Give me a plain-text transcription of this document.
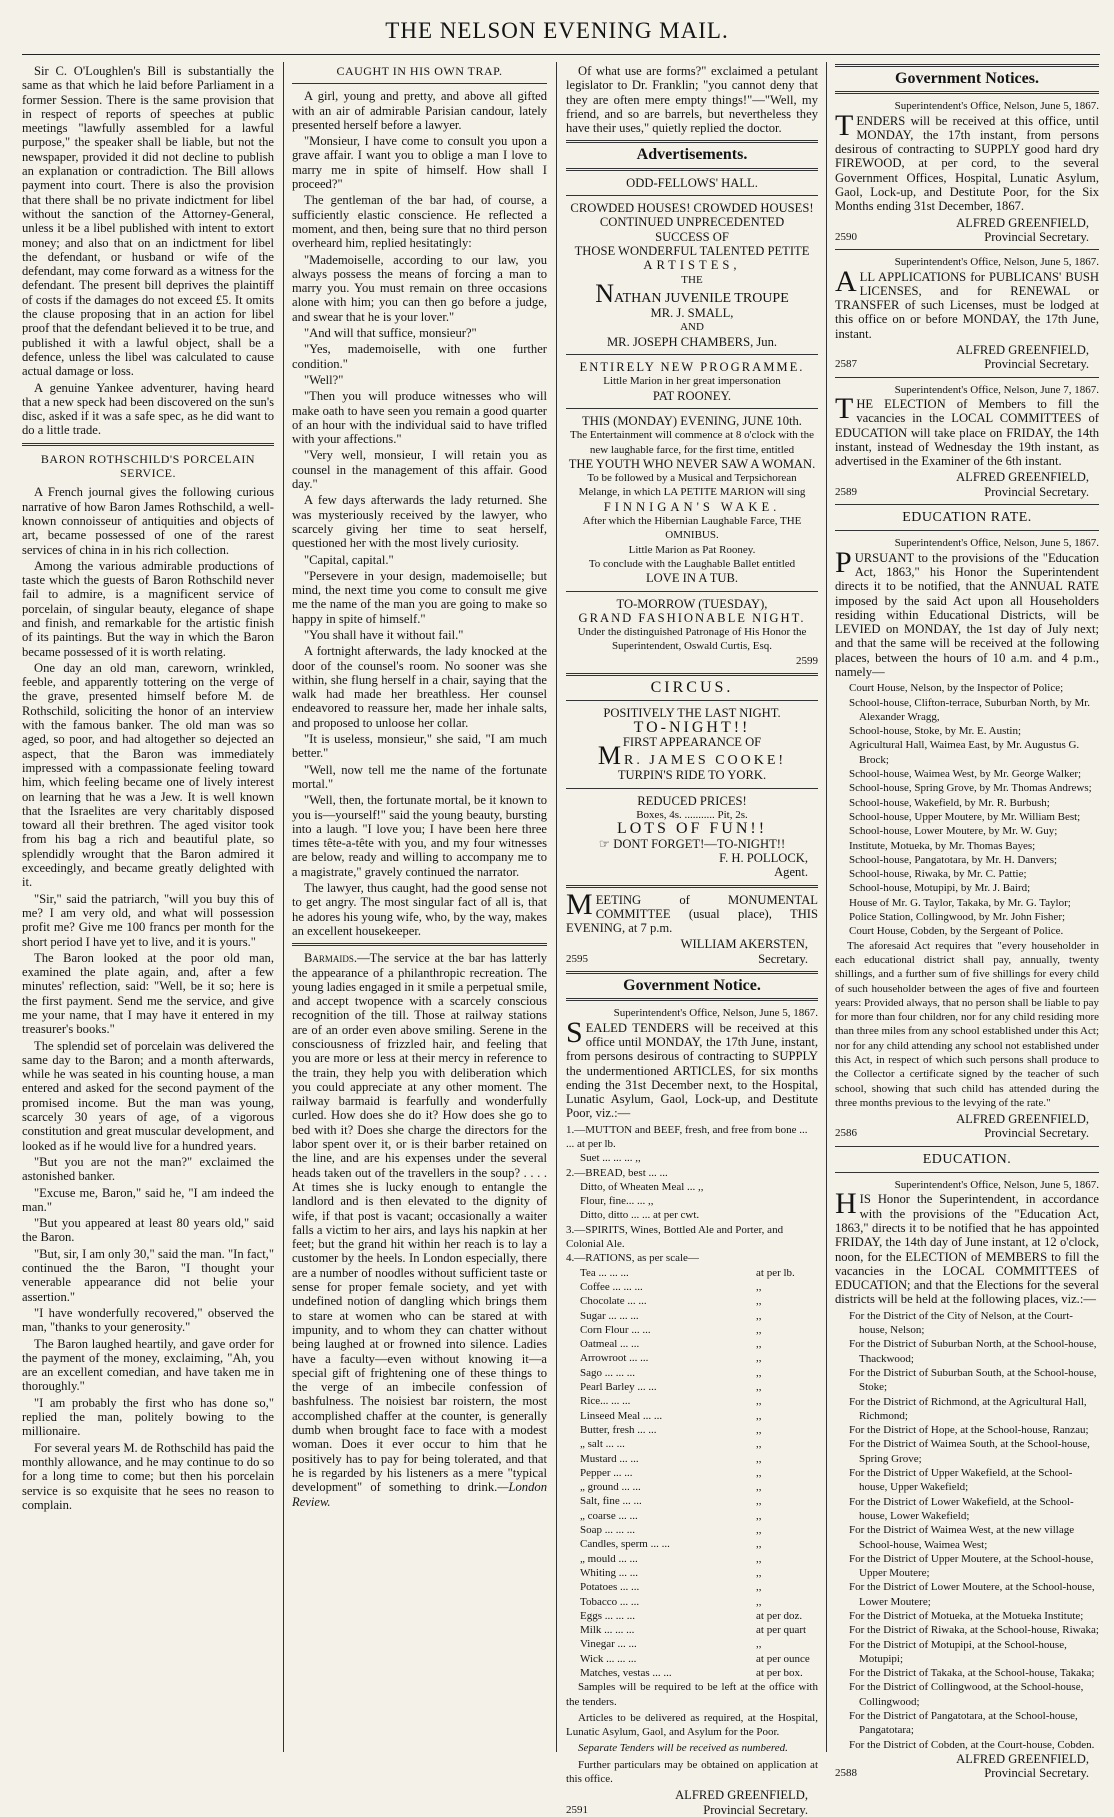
THE NELSON EVENING MAIL.

Sir C. O'Loughlen's Bill is substantially the same as that which he laid before Parliament in a former Session. There is the same provision that in respect of reports of speeches at public meetings "lawfully assembled for a lawful purpose," the speaker shall be liable, but not the newspaper, provided it did not decline to publish an explanation or contradiction. The Bill allows payment into court. There is also the provision that there shall be no private indictment for libel without the sanction of the Attorney-General, unless it be a libel published with intent to extort money; and also that on an indictment for libel the defendant, or husband or wife of the defendant, may come forward as a witness for the defendant. The present bill deprives the plaintiff of costs if the damages do not exceed £5. It omits the clause proposing that in an action for libel proof that the defendant believed it to be true, and published it with a lawful object, shall be a defence, unless the libel was calculated to cause actual damage or loss.

A genuine Yankee adventurer, having heard that a new speck had been discovered on the sun's disc, asked if it was a safe spec, as he did want to do a little trade.

BARON ROTHSCHILD'S PORCELAIN SERVICE.

A French journal gives the following curious narrative of how Baron James Rothschild, a well-known connoisseur of antiquities and objects of art, became possessed of one of the rarest services of china in in his rich collection.

Among the various admirable productions of taste which the guests of Baron Rothschild never fail to admire, is a magnificent service of porcelain, of singular beauty, elegance of shape and finish, and remarkable for the artistic finish of its paintings. But the way in which the Baron became possessed of it is worth relating.

One day an old man, careworn, wrinkled, feeble, and apparently tottering on the verge of the grave, presented himself before M. de Rothschild, soliciting the honor of an interview with the famous banker. The old man was so aged, so poor, and had altogether so dejected an aspect, that the Baron was immediately impressed with a compassionate feeling toward him, which feeling became one of lively interest on learning that he was a Jew. It is well known that the Israelites are very charitably disposed toward all their brethren. The aged visitor took from his bag a rich and beautiful plate, so splendidly wrought that the Baron admired it exceedingly, and became greatly delighted with it.

"Sir," said the patriarch, "will you buy this of me? I am very old, and what will possession profit me? Give me 100 francs per month for the short period I have yet to live, and it is yours."

The Baron looked at the poor old man, examined the plate again, and, after a few minutes' reflection, said: "Well, be it so; here is the first payment. Send me the service, and give me your name, that I may have it entered in my treasurer's books."

The splendid set of porcelain was delivered the same day to the Baron; and a month afterwards, while he was seated in his counting house, a man entered and asked for the second payment of the promised income. But the man was young, scarcely 30 years of age, of a vigorous constitution and great muscular development, and looked as if he would live for a hundred years.

"But you are not the man?" exclaimed the astonished banker.

"Excuse me, Baron," said he, "I am indeed the man."

"But you appeared at least 80 years old," said the Baron.

"But, sir, I am only 30," said the man. "In fact," continued the the Baron, "I thought your venerable appearance did not belie your assertion."

"I have wonderfully recovered," observed the man, "thanks to your generosity."

The Baron laughed heartily, and gave order for the payment of the money, exclaiming, "Ah, you are an excellent comedian, and have taken me in thoroughly."

"I am probably the first who has done so," replied the man, politely bowing to the millionaire.

For several years M. de Rothschild has paid the monthly allowance, and he may continue to do so for a long time to come; but then his porcelain service is so exquisite that he sees no reason to complain.

CAUGHT IN HIS OWN TRAP.

A girl, young and pretty, and above all gifted with an air of admirable Parisian candour, lately presented herself before a lawyer.

"Monsieur, I have come to consult you upon a grave affair. I want you to oblige a man I love to marry me in spite of himself. How shall I proceed?"

The gentleman of the bar had, of course, a sufficiently elastic conscience. He reflected a moment, and then, being sure that no third person overheard him, replied hesitatingly:

"Mademoiselle, according to our law, you always possess the means of forcing a man to marry you. You must remain on three occasions alone with him; you can then go before a judge, and swear that he is your lover."

"And will that suffice, monsieur?"

"Yes, mademoiselle, with one further condition."

"Well?"

"Then you will produce witnesses who will make oath to have seen you remain a good quarter of an hour with the individual said to have trifled with your affections."

"Very well, monsieur, I will retain you as counsel in the management of this affair. Good day."

A few days afterwards the lady returned. She was mysteriously received by the lawyer, who scarcely giving her time to seat herself, questioned her with the most lively curiosity.

"Capital, capital."

"Persevere in your design, mademoiselle; but mind, the next time you come to consult me give me the name of the man you are going to make so happy in spite of himself."

"You shall have it without fail."

A fortnight afterwards, the lady knocked at the door of the counsel's room. No sooner was she within, she flung herself in a chair, saying that the walk had made her breathless. Her counsel endeavored to reassure her, made her inhale salts, and proposed to unloose her collar.

"It is useless, monsieur," she said, "I am much better."

"Well, now tell me the name of the fortunate mortal."

"Well, then, the fortunate mortal, be it known to you is—yourself!" said the young beauty, bursting into a laugh. "I love you; I have been here three times tête-a-tête with you, and my four witnesses are below, ready and willing to accompany me to a magistrate," gravely continued the narrator.

The lawyer, thus caught, had the good sense not to get angry. The most singular fact of all is, that he adores his young wife, who, by the way, makes an excellent housekeeper.

Barmaids.—The service at the bar has latterly the appearance of a philanthropic recreation. The young ladies engaged in it smile a perpetual smile, and accept twopence with a scarcely conscious recognition of the till. Those at railway stations are of an order even above smiling. Serene in the consciousness of frizzled hair, and feeling that you are more or less at their mercy in reference to the train, they help you with deliberation which you could appreciate at any other moment. The railway barmaid is fearfully and wonderfully curled. How does she do it? How does she go to bed with it? Does she charge the directors for the labor spent over it, or is their barber retained on the line, and are his expenses under the several heads taken out of the travellers in the soup? . . . . At times she is lucky enough to entangle the landlord and is then elevated to the dignity of wife, if that post is vacant; occasionally a waiter falls a victim to her airs, and lays his napkin at her feet; but the grand hit within her reach is to lay a customer by the heels. In London especially, there are a number of noodles without sufficient taste or sense for proper female society, and yet with undefined notion of dangling which brings them to stare at women who can be stared at with impunity, and to whom they can chatter without being laughed at or frowned into silence. Ladies have a faculty—even without knowing it—a special gift of frightening one of these things to the verge of an imbecile confession of bashfulness. The noisiest bar roistern, the most accomplished chaffer at the counter, is generally dumb when brought face to face with a modest woman. Does it ever occur to him that he positively has to pay for being tolerated, and that he is regarded by his listeners as a mere "typical development" of something to drink.—London Review.

Of what use are forms?" exclaimed a petulant legislator to Dr. Franklin; "you cannot deny that they are often mere empty things!"—"Well, my friend, and so are barrels, but nevertheless they have their uses," quietly replied the doctor.

Advertisements.
ODD-FELLOWS' HALL.
CROWDED HOUSES! CROWDED HOUSES!
CONTINUED UNPRECEDENTED
SUCCESS OF
THOSE WONDERFUL TALENTED PETITE
ARTISTES,
THE
NATHAN JUVENILE TROUPE
MR. J. SMALL,
AND
MR. JOSEPH CHAMBERS, Jun.
ENTIRELY NEW PROGRAMME.
Little Marion in her great impersonation
PAT ROONEY.
THIS (MONDAY) EVENING, JUNE 10th.
The Entertainment will commence at 8 o'clock with the new laughable farce, for the first time, entitled
THE YOUTH WHO NEVER SAW A WOMAN.
To be followed by a Musical and Terpsichorean Melange, in which LA PETITE MARION will sing
FINNIGAN'S WAKE.
After which the Hibernian Laughable Farce, THE OMNIBUS.
Little Marion as Pat Rooney.
To conclude with the Laughable Ballet entitled
LOVE IN A TUB.
TO-MORROW (TUESDAY),
GRAND FASHIONABLE NIGHT.
Under the distinguished Patronage of His Honor the Superintendent, Oswald Curtis, Esq.
2599
CIRCUS.
POSITIVELY THE LAST NIGHT.
TO-NIGHT!!
FIRST APPEARANCE OF
MR. JAMES COOKE!
TURPIN'S RIDE TO YORK.
REDUCED PRICES!
Boxes, 4s. ........... Pit, 2s.
LOTS OF FUN!!
☞ DONT FORGET!—TO-NIGHT!!
F. H. POLLOCK,
Agent.

MEETING of MONUMENTAL COMMITTEE (usual place), THIS EVENING, at 7 p.m.

WILLIAM AKERSTEN,
2595	Secretary.
Government Notice.
Superintendent's Office, Nelson, June 5, 1867.

SEALED TENDERS will be received at this office until MONDAY, the 17th June, instant, from persons desirous of contracting to SUPPLY the undermentioned ARTICLES, for six months ending the 31st December next, to the Hospital, Lunatic Asylum, Gaol, Lock-up, and Destitute Poor, viz.:—

1.—MUTTON and BEEF, fresh, and free from bone ... ... at per lb.
Suet ... ... ... ,,
2.—BREAD, best ... ...
Ditto, of Wheaten Meal ... ,,
Flour, fine... ... ,,
Ditto, ditto ... ... at per cwt.
3.—SPIRITS, Wines, Bottled Ale and Porter, and Colonial Ale.
4.—RATIONS, as per scale—
Tea ... ... ...	at per lb.
Coffee ... ... ...	,,
Chocolate ... ...	,,
Sugar ... ... ...	,,
Corn Flour ... ...	,,
Oatmeal ... ...	,,
Arrowroot ... ...	,,
Sago ... ... ...	,,
Pearl Barley ... ...	,,
Rice... ... ...	,,
Linseed Meal ... ...	,,
Butter, fresh ... ...	,,
„ salt ... ...	,,
Mustard ... ...	,,
Pepper ... ...	,,
„ ground ... ...	,,
Salt, fine ... ...	,,
„ coarse ... ...	,,
Soap ... ... ...	,,
Candles, sperm ... ...	,,
„ mould ... ...	,,
Whiting ... ...	,,
Potatoes ... ...	,,
Tobacco ... ...	,,
Eggs ... ... ...	at per doz.
Milk ... ... ...	at per quart
Vinegar ... ...	,,
Wick ... ... ...	at per ounce
Matches, vestas ... ...	at per box.

Samples will be required to be left at the office with the tenders.

Articles to be delivered as required, at the Hospital, Lunatic Asylum, Gaol, and Asylum for the Poor.

Separate Tenders will be received as numbered.

Further particulars may be obtained on application at this office.

ALFRED GREENFIELD,
2591	Provincial Secretary.
Government Notices.
Superintendent's Office, Nelson, June 5, 1867.

TENDERS will be received at this office, until MONDAY, the 17th instant, from persons desirous of contracting to SUPPLY good hard dry FIREWOOD, at per cord, to the several Government Offices, Hospital, Lunatic Asylum, Gaol, Lock-up, and Destitute Poor, for the Six Months ending 31st December, 1867.

ALFRED GREENFIELD,
2590	Provincial Secretary.
Superintendent's Office, Nelson, June 5, 1867.

ALL APPLICATIONS for PUBLICANS' BUSH LICENSES, and for RENEWAL or TRANSFER of such Licenses, must be lodged at this office on or before MONDAY, the 17th June, instant.

ALFRED GREENFIELD,
2587	Provincial Secretary.
Superintendent's Office, Nelson, June 7, 1867.

THE ELECTION of Members to fill the vacancies in the LOCAL COMMITTEES of EDUCATION will take place on FRIDAY, the 14th instant, instead of Wednesday the 19th instant, as advertised in the Examiner of the 6th instant.

ALFRED GREENFIELD,
2589	Provincial Secretary.
EDUCATION RATE.
Superintendent's Office, Nelson, June 5, 1867.

PURSUANT to the provisions of the "Education Act, 1863," his Honor the Superintendent directs it to be notified, that the ANNUAL RATE imposed by the said Act upon all Householders residing within Educational Districts, will be LEVIED on MONDAY, the 1st day of July next; and that the same will be received at the following places, between the hours of 10 a.m. and 4 p.m., namely—

Court House, Nelson, by the Inspector of Police;
School-house, Clifton-terrace, Suburban North, by Mr. Alexander Wragg,
School-house, Stoke, by Mr. E. Austin;
Agricultural Hall, Waimea East, by Mr. Augustus G. Brock;
School-house, Waimea West, by Mr. George Walker;
School-house, Spring Grove, by Mr. Thomas Andrews;
School-house, Wakefield, by Mr. R. Burbush;
School-house, Upper Moutere, by Mr. William Best;
School-house, Lower Moutere, by Mr. W. Guy;
Institute, Motueka, by Mr. Thomas Bayes;
School-house, Pangatotara, by Mr. H. Danvers;
School-house, Riwaka, by Mr. C. Pattie;
School-house, Motupipi, by Mr. J. Baird;
House of Mr. G. Taylor, Takaka, by Mr. G. Taylor;
Police Station, Collingwood, by Mr. John Fisher;
Court House, Cobden, by the Sergeant of Police.

The aforesaid Act requires that "every householder in each educational district shall pay, annually, twenty shillings, and a further sum of five shillings for every child of such householder between the ages of five and fourteen years: Provided always, that no person shall be liable to pay for more than four children, nor for any child residing more than three miles from any school established under this Act; nor for any child attending any school not established under this Act, in respect of which such persons shall produce to the Collector a certificate signed by the teacher of such school, showing that such child has attended during the three months previous to the levying of the rate."

ALFRED GREENFIELD,
2586	Provincial Secretary.
EDUCATION.
Superintendent's Office, Nelson, June 5, 1867.

HIS Honor the Superintendent, in accordance with the provisions of the "Education Act, 1863," directs it to be notified that he has appointed FRIDAY, the 14th day of June instant, at 12 o'clock, noon, for the ELECTION of MEMBERS to fill the vacancies in the LOCAL COMMITTEES of EDUCATION; and that the Elections for the several districts will be held at the following places, viz.:—

For the District of the City of Nelson, at the Court-house, Nelson;
For the District of Suburban North, at the School-house, Thackwood;
For the District of Suburban South, at the School-house, Stoke;
For the District of Richmond, at the Agricultural Hall, Richmond;
For the District of Hope, at the School-house, Ranzau;
For the District of Waimea South, at the School-house, Spring Grove;
For the District of Upper Wakefield, at the School-house, Upper Wakefield;
For the District of Lower Wakefield, at the School-house, Lower Wakefield;
For the District of Waimea West, at the new village School-house, Waimea West;
For the District of Upper Moutere, at the School-house, Upper Moutere;
For the District of Lower Moutere, at the School-house, Lower Moutere;
For the District of Motueka, at the Motueka Institute;
For the District of Riwaka, at the School-house, Riwaka;
For the District of Motupipi, at the School-house, Motupipi;
For the District of Takaka, at the School-house, Takaka;
For the District of Collingwood, at the School-house, Collingwood;
For the District of Pangatotara, at the School-house, Pangatotara;
For the District of Cobden, at the Court-house, Cobden.
ALFRED GREENFIELD,
2588	Provincial Secretary.
